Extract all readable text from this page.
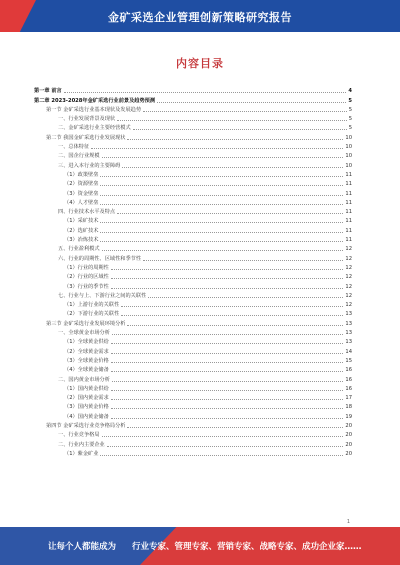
金矿采选企业管理创新策略研究报告
内容目录
第一章 前言	4
第二章 2023-2028年金矿采选行业前景及趋势预测	5
第一节 金矿采选行业基本现状及发展趋势	5
一、行业发展背景及现状	5
二、金矿采选行业主要经营模式	5
第二节 我国金矿采选行业发展现状	10
一、总体特征	10
二、国企行业规模	10
三、进入本行业的主要障碍	10
（1）政策壁垒	11
（2）资源壁垒	11
（3）资金壁垒	11
（4）人才壁垒	11
四、行业技术水平及特点	11
（1）采矿技术	11
（2）选矿技术	11
（3）冶炼技术	11
五、行业盈利模式	12
六、行业的周期性、区域性和季节性	12
（1）行业的周期性	12
（2）行业的区域性	12
（3）行业的季节性	12
七、行业与上、下游行业之间的关联性	12
（1）上游行业的关联性	12
（2）下游行业的关联性	13
第三节 金矿采选行业发展环境分析	13
一、全球黄金市场分析	13
（1）全球黄金供给	13
（2）全球黄金需求	14
（3）全球黄金价格	15
（4）全球黄金储备	16
二、国内黄金市场分析	16
（1）国内黄金供给	16
（2）国内黄金需求	17
（3）国内黄金价格	18
（4）国内黄金储备	19
第四节 金矿采选行业竞争格局分析	20
一、行业竞争格局	20
二、行业内主要企业	20
（1）紫金矿业	20
1
让每个人都能成为 行业专家、管理专家、营销专家、战略专家、成功企业家……
